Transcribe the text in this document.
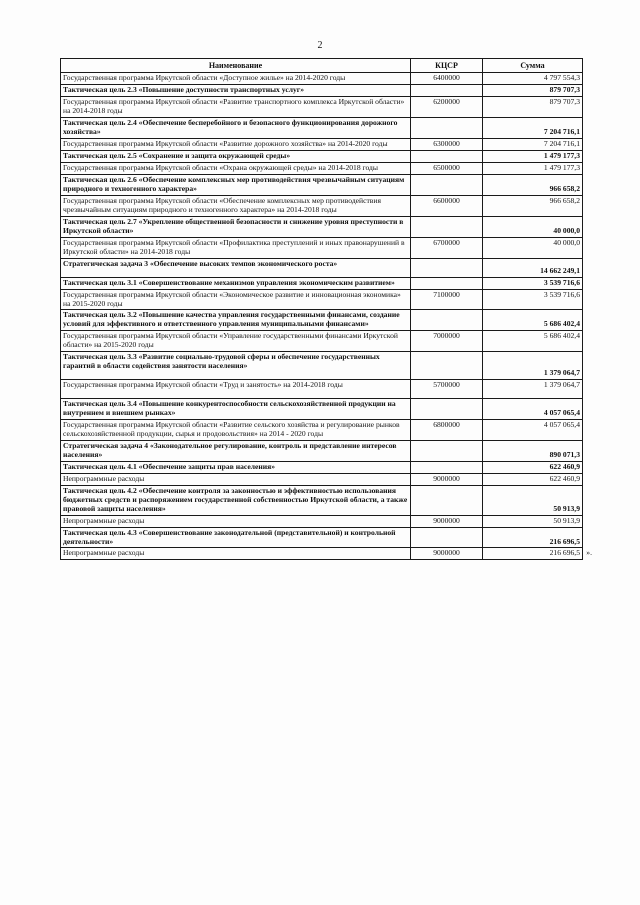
2
Наименование	КЦСР	Сумма
Государственная программа Иркутской области «Доступное жилье» на 2014-2020 годы	6400000	4 797 554,3
Тактическая цель 2.3 «Повышение доступности транспортных услуг»		879 707,3
Государственная программа Иркутской области «Развитие транспортного комплекса Иркутской области» на 2014-2018 годы	6200000	879 707,3
Тактическая цель 2.4 «Обеспечение бесперебойного и безопасного функционирования дорожного хозяйства»		7 204 716,1
Государственная программа Иркутской области «Развитие дорожного хозяйства» на 2014-2020 годы	6300000	7 204 716,1
Тактическая цель 2.5 «Сохранение и защита окружающей среды»		1 479 177,3
Государственная программа Иркутской области «Охрана окружающей среды» на 2014-2018 годы	6500000	1 479 177,3
Тактическая цель 2.6 «Обеспечение комплексных мер противодействия чрезвычайным ситуациям природного и техногенного характера»		966 658,2
Государственная программа Иркутской области «Обеспечение комплексных мер противодействия чрезвычайным ситуациям природного и техногенного характера» на 2014-2018 годы	6600000	966 658,2
Тактическая цель 2.7 «Укрепление общественной безопасности и снижение уровня преступности в Иркутской области»		40 000,0
Государственная программа Иркутской области «Профилактика преступлений и иных правонарушений в Иркутской области» на 2014-2018 годы	6700000	40 000,0
Стратегическая задача 3 «Обеспечение высоких темпов экономического роста»		14 662 249,1
Тактическая цель 3.1 «Совершенствование механизмов управления экономическим развитием»		3 539 716,6
Государственная программа Иркутской области «Экономическое развитие и инновационная экономика» на 2015-2020 годы	7100000	3 539 716,6
Тактическая цель 3.2 «Повышение качества управления государственными финансами, создание условий для эффективного и ответственного управления муниципальными финансами»		5 686 402,4
Государственная программа Иркутской области «Управление государственными финансами Иркутской области» на 2015-2020 годы	7000000	5 686 402,4
Тактическая цель 3.3 «Развитие социально-трудовой сферы и обеспечение государственных гарантий в области содействия занятости населения»		1 379 064,7
Государственная программа Иркутской области «Труд и занятость» на 2014-2018 годы	5700000	1 379 064,7
Тактическая цель 3.4 «Повышение конкурентоспособности сельскохозяйственной продукции на внутреннем и внешнем рынках»		4 057 065,4
Государственная программа Иркутской области «Развитие сельского хозяйства и регулирование рынков сельскохозяйственной продукции, сырья и продовольствия» на 2014 - 2020 годы	6800000	4 057 065,4
Стратегическая задача 4 «Законодательное регулирование, контроль и представление интересов населения»		890 071,3
Тактическая цель 4.1 «Обеспечение защиты прав населения»		622 460,9
Непрограммные расходы	9000000	622 460,9
Тактическая цель 4.2 «Обеспечение контроля за законностью и эффективностью использования бюджетных средств и распоряжением государственной собственностью Иркутской области, а также правовой защиты населения»		50 913,9
Непрограммные расходы	9000000	50 913,9
Тактическая цель 4.3 «Совершенствование законодательной (представительной) и контрольной деятельности»		216 696,5
Непрограммные расходы	9000000	216 696,5 ».
